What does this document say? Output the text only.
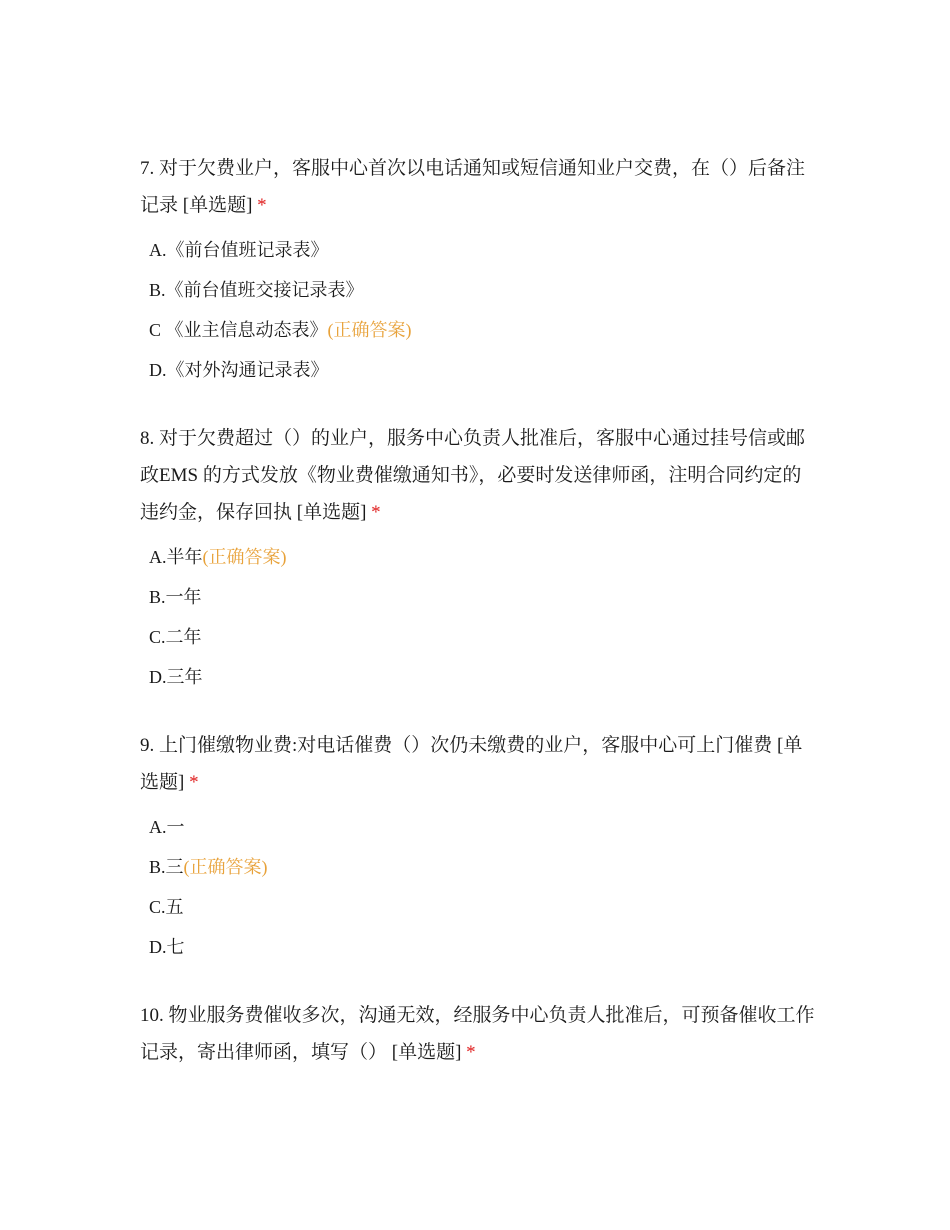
7. 对于欠费业户，客服中心首次以电话通知或短信通知业户交费，在（）后备注记录 [单选题] *

A.《前台值班记录表》
B.《前台值班交接记录表》
C 《业主信息动态表》(正确答案)
D.《对外沟通记录表》

8. 对于欠费超过（）的业户，服务中心负责人批准后，客服中心通过挂号信或邮政EMS 的方式发放《物业费催缴通知书》，必要时发送律师函，注明合同约定的违约金，保存回执 [单选题] *

A.半年(正确答案)
B.一年
C.二年
D.三年

9. 上门催缴物业费:对电话催费（）次仍未缴费的业户，客服中心可上门催费 [单选题] *

A.一
B.三(正确答案)
C.五
D.七

10. 物业服务费催收多次，沟通无效，经服务中心负责人批准后，可预备催收工作记录，寄出律师函，填写（） [单选题] *
